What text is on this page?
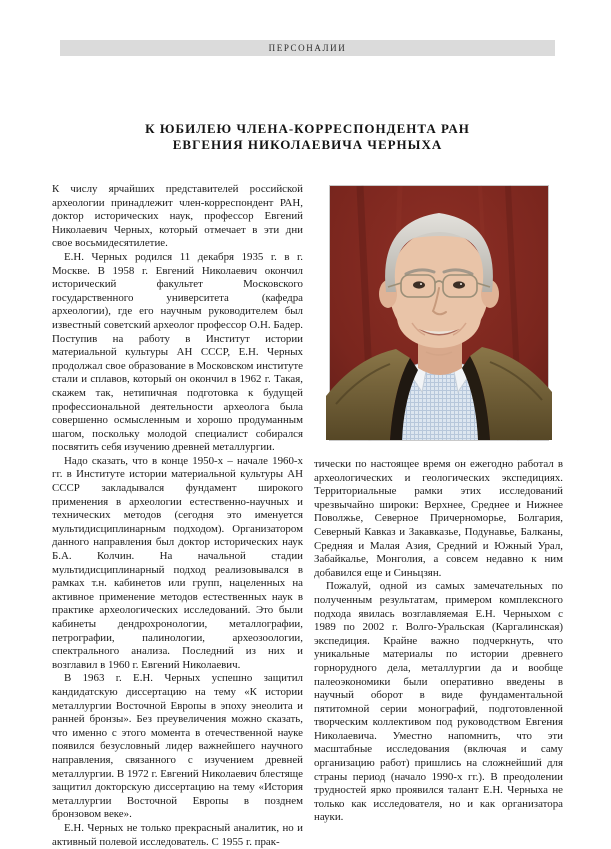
ПЕРСОНАЛИИ
К ЮБИЛЕЮ ЧЛЕНА-КОРРЕСПОНДЕНТА РАН
ЕВГЕНИЯ НИКОЛАЕВИЧА ЧЕРНЫХА

К числу ярчайших представителей российской археологии принадлежит член-корреспондент РАН, доктор исторических наук, профессор Евгений Николаевич Черных, который отмечает в эти дни свое восьмидесятилетие.

Е.Н. Черных родился 11 декабря 1935 г. в г. Москве. В 1958 г. Евгений Николаевич окончил исторический факультет Московского государственного университета (кафедра археологии), где его научным руководителем был известный советский археолог профессор О.Н. Бадер. Поступив на работу в Институт истории материальной культуры АН СССР, Е.Н. Черных продолжал свое образование в Московском институте стали и сплавов, который он окончил в 1962 г. Такая, скажем так, нетипичная подготовка к будущей профессиональной деятельности археолога была совершенно осмысленным и хорошо продуманным шагом, поскольку молодой специалист собирался посвятить себя изучению древней металлургии.

Надо сказать, что в конце 1950-х – начале 1960-х гг. в Институте истории материальной культуры АН СССР закладывался фундамент широкого применения в археологии естественно-научных и технических методов (сегодня это именуется мультидисциплинарным подходом). Организатором данного направления был доктор исторических наук Б.А. Колчин. На начальной стадии мультидисциплинарный подход реализовывался в рамках т.н. кабинетов или групп, нацеленных на активное применение методов естественных наук в практике археологических исследований. Это были кабинеты дендрохронологии, металлографии, петрографии, палинологии, археозоологии, спектрального анализа. Последний из них и возглавил в 1960 г. Евгений Николаевич.

В 1963 г. Е.Н. Черных успешно защитил кандидатскую диссертацию на тему «К истории металлургии Восточной Европы в эпоху энеолита и ранней бронзы». Без преувеличения можно сказать, что именно с этого момента в отечественной науке появился безусловный лидер важнейшего научного направления, связанного с изучением древней металлургии. В 1972 г. Евгений Николаевич блестяще защитил докторскую диссертацию на тему «История металлургии Восточной Европы в позднем бронзовом веке».

Е.Н. Черных не только прекрасный аналитик, но и активный полевой исследователь. С 1955 г. прак-

тически по настоящее время он ежегодно работал в археологических и геологических экспедициях. Территориальные рамки этих исследований чрезвычайно широки: Верхнее, Среднее и Нижнее Поволжье, Северное Причерноморье, Болгария, Северный Кавказ и Закавказье, Подунавье, Балканы, Средняя и Малая Азия, Средний и Южный Урал, Забайкалье, Монголия, а совсем недавно к ним добавился еще и Синьцзян.

Пожалуй, одной из самых замечательных по полученным результатам, примером комплексного подхода явилась возглавляемая Е.Н. Черныхом с 1989 по 2002 г. Волго-Уральская (Каргалинская) экспедиция. Крайне важно подчеркнуть, что уникальные материалы по истории древнего горнорудного дела, металлургии да и вообще палеоэкономики были оперативно введены в научный оборот в виде фундаментальной пятитомной серии монографий, подготовленной творческим коллективом под руководством Евгения Николаевича. Уместно напомнить, что эти масштабные исследования (включая и саму организацию работ) пришлись на сложнейший для страны период (начало 1990-х гг.). В преодолении трудностей ярко проявился талант Е.Н. Черныха не только как исследователя, но и как организатора науки.
